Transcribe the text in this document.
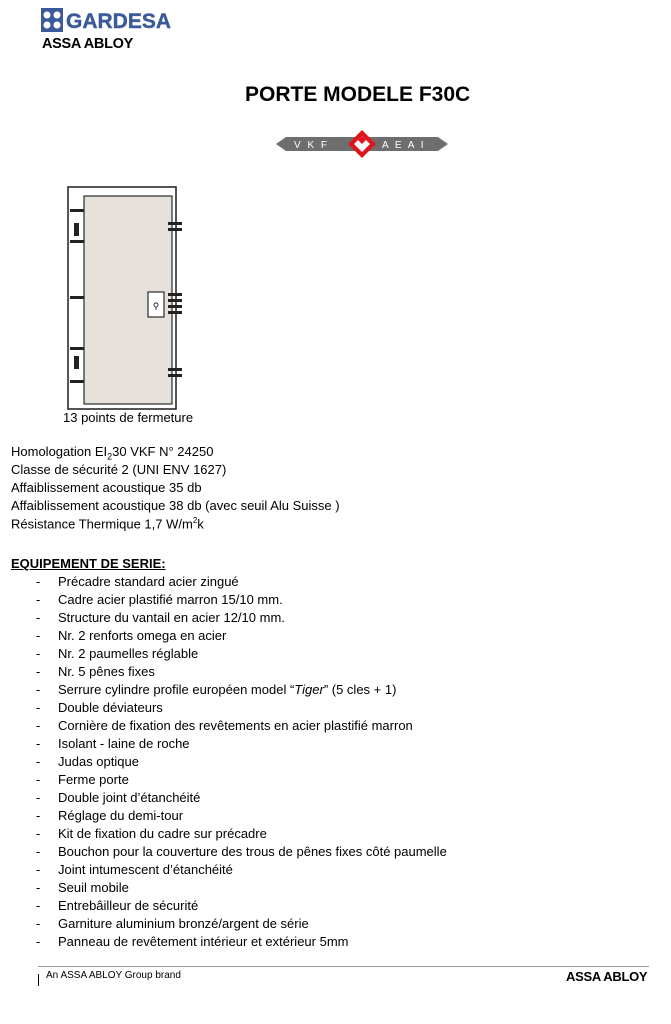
GARDESA
ASSA ABLOY
PORTE MODELE F30C
V K F	A E A I
13 points de fermeture
Homologation $EI_230$ VKF N° 24250
Classe de sécurité 2 (UNI ENV 1627)
Affaiblissement acoustique 35 db
Affaiblissement acoustique 38 db (avec seuil Alu Suisse )
Résistance Thermique 1,7 $W/m^2k$
EQUIPEMENT DE SERIE:
- Précadre standard acier zingué
- Cadre acier plastifié marron 15/10 mm.
- Structure du vantail en acier 12/10 mm.
- Nr. 2 renforts omega en acier
- Nr. 2 paumelles réglable
- Nr. 5 pênes fixes
- Serrure cylindre profile européen model “Tiger” (5 cles + 1)
- Double déviateurs
- Cornière de fixation des revêtements en acier plastifié marron
- Isolant - laine de roche
- Judas optique
- Ferme porte
- Double joint d’étanchéité
- Réglage du demi-tour
- Kit de fixation du cadre sur précadre
- Bouchon pour la couverture des trous de pênes fixes côté paumelle
- Joint intumescent d’étanchéité
- Seuil mobile
- Entrebâilleur de sécurité
- Garniture aluminium bronzé/argent de série
- Panneau de revêtement intérieur et extérieur 5mm
An ASSA ABLOY Group brand	ASSA ABLOY
